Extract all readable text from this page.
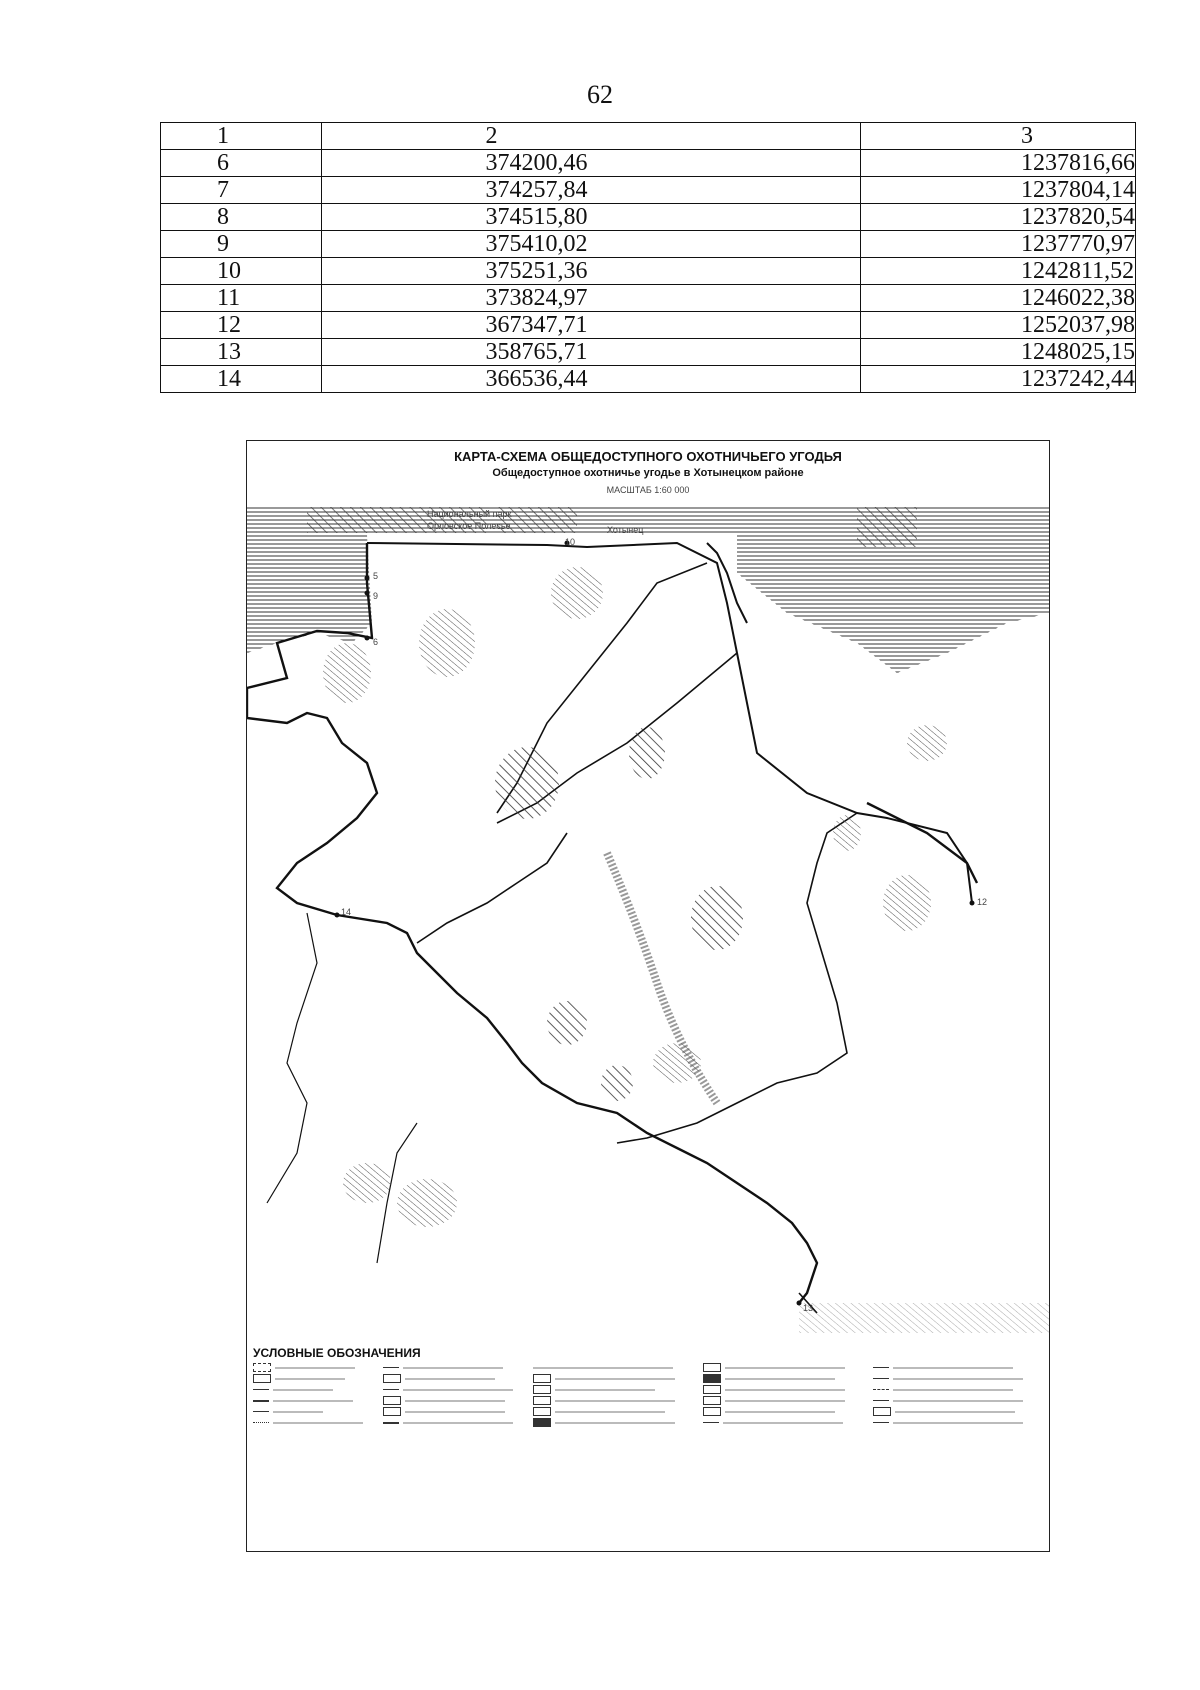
62
1	2	3
6	374200,46	1237816,66
7	374257,84	1237804,14
8	374515,80	1237820,54
9	375410,02	1237770,97
10	375251,36	1242811,52
11	373824,97	1246022,38
12	367347,71	1252037,98
13	358765,71	1248025,15
14	366536,44	1237242,44
КАРТА-СХЕМА ОБЩЕДОСТУПНОГО ОХОТНИЧЬЕГО УГОДЬЯ
Общедоступное охотничье угодье в Хотынецком районе
МАСШТАБ 1:60 000
Национальный парк
Орловское Полесье	Хотынец
5
6
9
10
12
13
14
УСЛОВНЫЕ ОБОЗНАЧЕНИЯ
